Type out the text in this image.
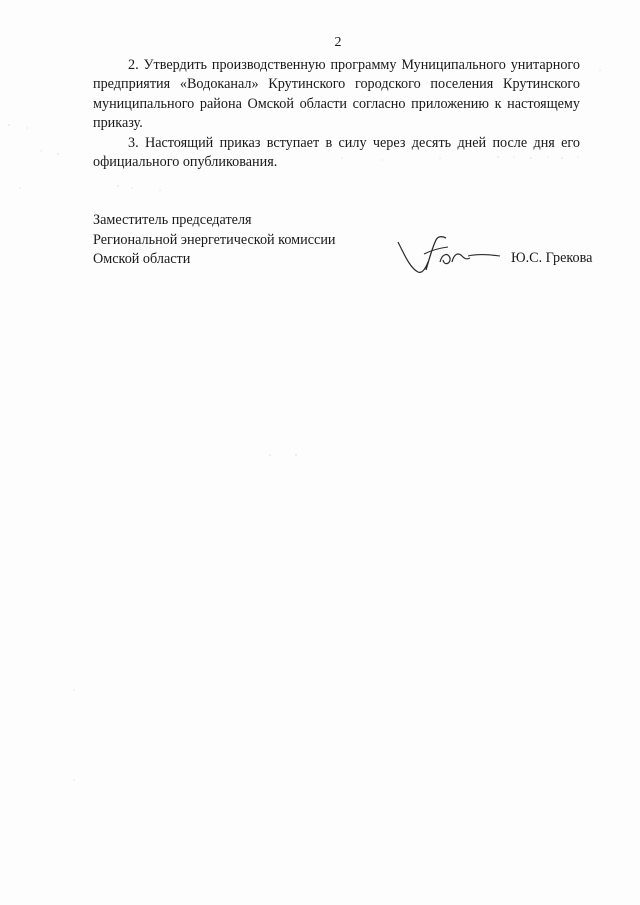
2

2. Утвердить производственную программу Муниципального унитарного предприятия «Водоканал» Крутинского городского поселения Крутинского муниципального района Омской области согласно приложению к настоящему приказу.

3. Настоящий приказ вступает в силу через десять дней после дня его официального опубликования.

Заместитель председателя
Региональной энергетической комиссии
Омской области	Ю.С. Грекова
